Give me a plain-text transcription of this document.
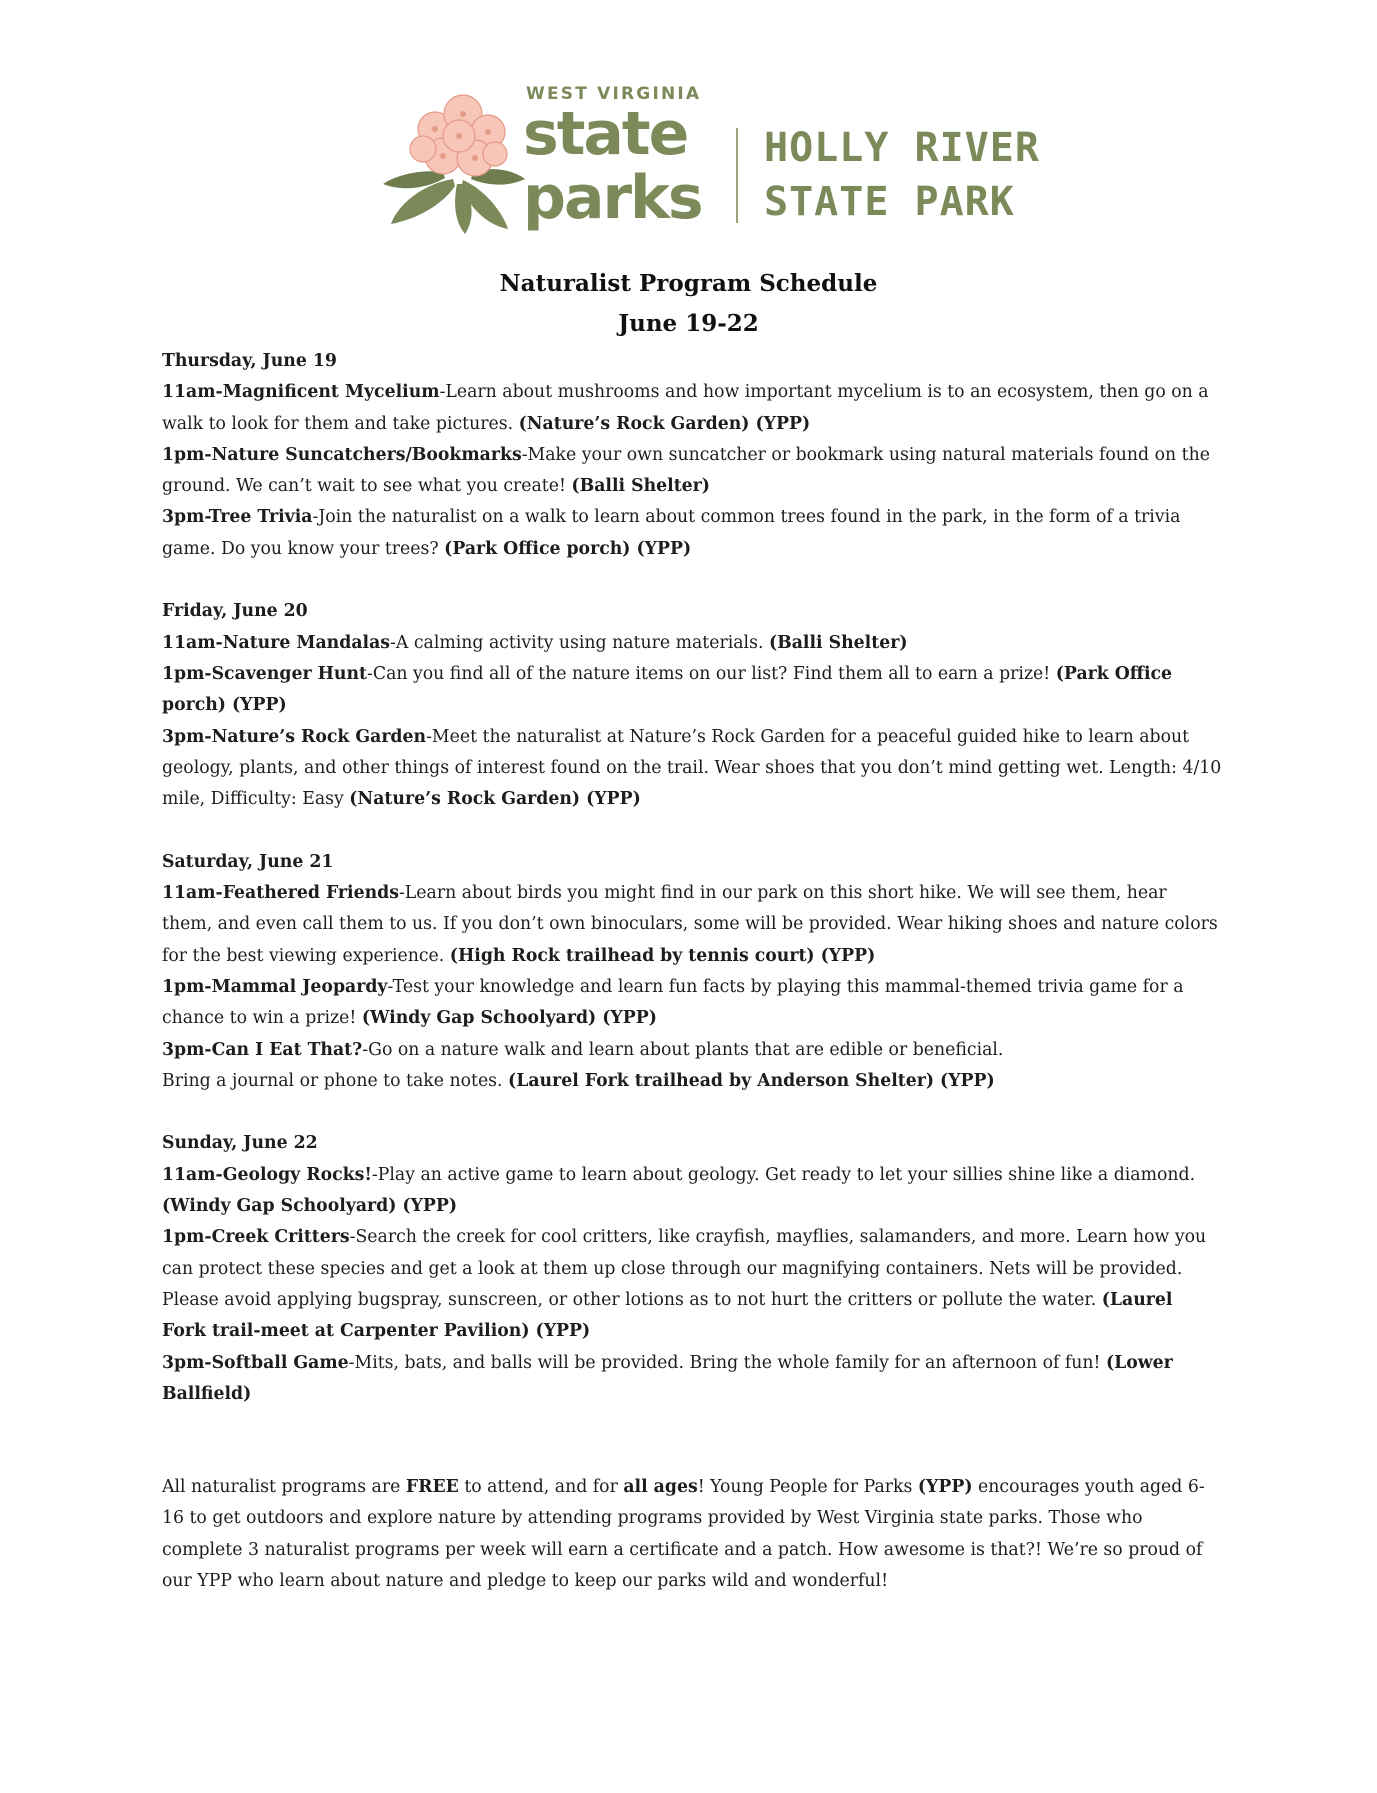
WEST VIRGINIA
state
parks
HOLLY RIVER
STATE PARK
Naturalist Program Schedule
June 19-22
Thursday, June 19

11am-Magnificent Mycelium-Learn about mushrooms and how important mycelium is to an ecosystem, then go on a walk to look for them and take pictures. (Nature’s Rock Garden) (YPP)

1pm-Nature Suncatchers/Bookmarks-Make your own suncatcher or bookmark using natural materials found on the ground. We can’t wait to see what you create! (Balli Shelter)

3pm-Tree Trivia-Join the naturalist on a walk to learn about common trees found in the park, in the form of a trivia game. Do you know your trees? (Park Office porch) (YPP)

Friday, June 20

11am-Nature Mandalas-A calming activity using nature materials. (Balli Shelter)

1pm-Scavenger Hunt-Can you find all of the nature items on our list? Find them all to earn a prize! (Park Office porch) (YPP)

3pm-Nature’s Rock Garden-Meet the naturalist at Nature’s Rock Garden for a peaceful guided hike to learn about geology, plants, and other things of interest found on the trail. Wear shoes that you don’t mind getting wet. Length: 4/10 mile, Difficulty: Easy (Nature’s Rock Garden) (YPP)

Saturday, June 21

11am-Feathered Friends-Learn about birds you might find in our park on this short hike. We will see them, hear them, and even call them to us. If you don’t own binoculars, some will be provided. Wear hiking shoes and nature colors for the best viewing experience. (High Rock trailhead by tennis court) (YPP)

1pm-Mammal Jeopardy-Test your knowledge and learn fun facts by playing this mammal-themed trivia game for a chance to win a prize! (Windy Gap Schoolyard) (YPP)

3pm-Can I Eat That?-Go on a nature walk and learn about plants that are edible or beneficial.
Bring a journal or phone to take notes. (Laurel Fork trailhead by Anderson Shelter) (YPP)

Sunday, June 22

11am-Geology Rocks!-Play an active game to learn about geology. Get ready to let your sillies shine like a diamond. (Windy Gap Schoolyard) (YPP)

1pm-Creek Critters-Search the creek for cool critters, like crayfish, mayflies, salamanders, and more. Learn how you can protect these species and get a look at them up close through our magnifying containers. Nets will be provided. Please avoid applying bugspray, sunscreen, or other lotions as to not hurt the critters or pollute the water. (Laurel Fork trail-meet at Carpenter Pavilion) (YPP)

3pm-Softball Game-Mits, bats, and balls will be provided. Bring the whole family for an afternoon of fun! (Lower Ballfield)

All naturalist programs are FREE to attend, and for all ages! Young People for Parks (YPP) encourages youth aged 6-16 to get outdoors and explore nature by attending programs provided by West Virginia state parks. Those who complete 3 naturalist programs per week will earn a certificate and a patch. How awesome is that?! We’re so proud of our YPP who learn about nature and pledge to keep our parks wild and wonderful!
